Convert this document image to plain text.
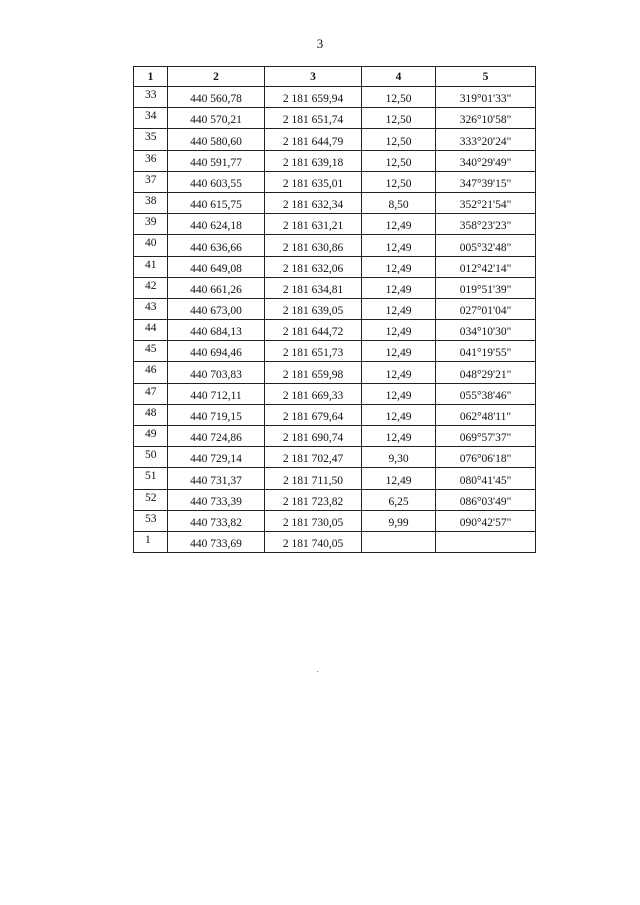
3
1	2	3	4	5
33	440 560,78	2 181 659,94	12,50	319°01'33"
34	440 570,21	2 181 651,74	12,50	326°10'58"
35	440 580,60	2 181 644,79	12,50	333°20'24"
36	440 591,77	2 181 639,18	12,50	340°29'49"
37	440 603,55	2 181 635,01	12,50	347°39'15"
38	440 615,75	2 181 632,34	8,50	352°21'54"
39	440 624,18	2 181 631,21	12,49	358°23'23"
40	440 636,66	2 181 630,86	12,49	005°32'48"
41	440 649,08	2 181 632,06	12,49	012°42'14"
42	440 661,26	2 181 634,81	12,49	019°51'39"
43	440 673,00	2 181 639,05	12,49	027°01'04"
44	440 684,13	2 181 644,72	12,49	034°10'30"
45	440 694,46	2 181 651,73	12,49	041°19'55"
46	440 703,83	2 181 659,98	12,49	048°29'21"
47	440 712,11	2 181 669,33	12,49	055°38'46"
48	440 719,15	2 181 679,64	12,49	062°48'11"
49	440 724,86	2 181 690,74	12,49	069°57'37"
50	440 729,14	2 181 702,47	9,30	076°06'18"
51	440 731,37	2 181 711,50	12,49	080°41'45"
52	440 733,39	2 181 723,82	6,25	086°03'49"
53	440 733,82	2 181 730,05	9,99	090°42'57"
1	440 733,69	2 181 740,05		
